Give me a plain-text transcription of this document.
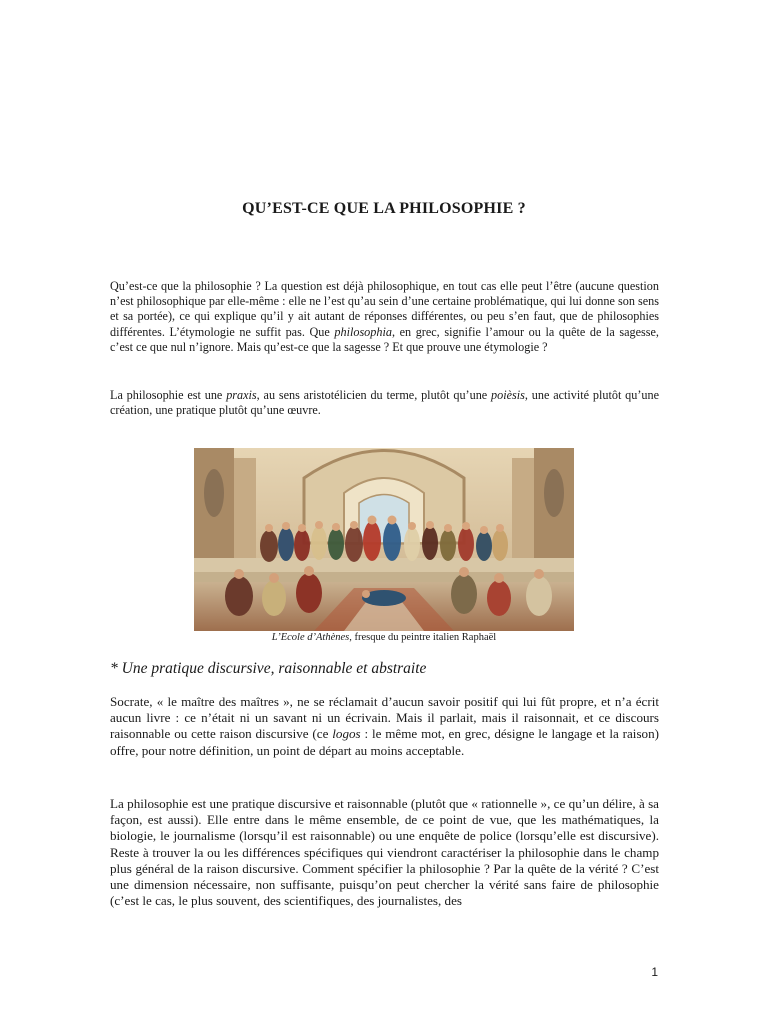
QU’EST-CE QUE LA PHILOSOPHIE ?

Qu’est-ce que la philosophie ? La question est déjà philosophique, en tout cas elle peut l’être (aucune question n’est philosophique par elle-même : elle ne l’est qu’au sein d’une certaine problématique, qui lui donne son sens et sa portée), ce qui explique qu’il y ait autant de réponses différentes, ou peu s’en faut, que de philosophies différentes. L’étymologie ne suffit pas. Que philosophia, en grec, signifie l’amour ou la quête de la sagesse, c’est ce que nul n’ignore. Mais qu’est-ce que la sagesse ? Et que prouve une étymologie ?

La philosophie est une praxis, au sens aristotélicien du terme, plutôt qu’une poièsis, une activité plutôt qu’une création, une pratique plutôt qu’une œuvre.

L’Ecole d’Athènes, fresque du peintre italien Raphaël
* Une pratique discursive, raisonnable et abstraite

Socrate, « le maître des maîtres », ne se réclamait d’aucun savoir positif qui lui fût propre, et n’a écrit aucun livre : ce n’était ni un savant ni un écrivain. Mais il parlait, mais il raisonnait, et ce discours raisonnable ou cette raison discursive (ce logos : le même mot, en grec, désigne le langage et la raison) offre, pour notre définition, un point de départ au moins acceptable.

La philosophie est une pratique discursive et raisonnable (plutôt que « rationnelle », ce qu’un délire, à sa façon, est aussi). Elle entre dans le même ensemble, de ce point de vue, que les mathématiques, la biologie, le journalisme (lorsqu’il est raisonnable) ou une enquête de police (lorsqu’elle est discursive). Reste à trouver la ou les différences spécifiques qui viendront caractériser la philosophie dans le champ plus général de la raison discursive. Comment spécifier la philosophie ? Par la quête de la vérité ? C’est une dimension nécessaire, non suffisante, puisqu’on peut chercher la vérité sans faire de philosophie (c’est le cas, le plus souvent, des scientifiques, des journalistes, des

1
